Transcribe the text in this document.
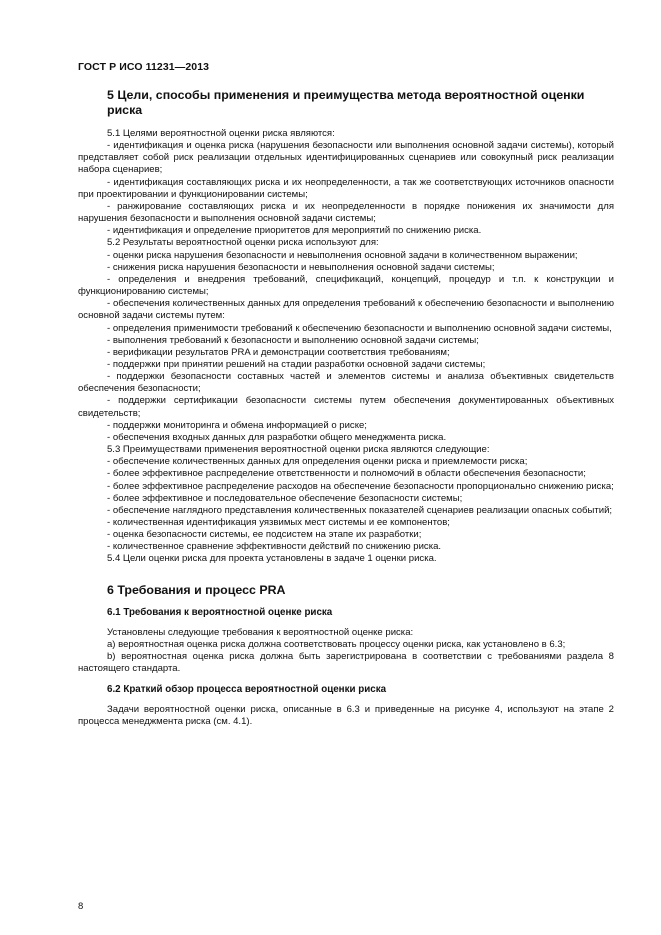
ГОСТ Р ИСО 11231—2013
5 Цели, способы применения и преимущества метода вероятностной оценки риска

5.1 Целями вероятностной оценки риска являются:

- идентификация и оценка риска (нарушения безопасности или выполнения основной задачи системы), который представляет собой риск реализации отдельных идентифицированных сценариев или совокупный риск реализации набора сценариев;

- идентификация составляющих риска и их неопределенности, а так же соответствующих источников опасности при проектировании и функционировании системы;

- ранжирование составляющих риска и их неопределенности в порядке понижения их значимости для нарушения безопасности и выполнения основной задачи системы;

- идентификация и определение приоритетов для мероприятий по снижению риска.

5.2 Результаты вероятностной оценки риска используют для:

- оценки риска нарушения безопасности и невыполнения основной задачи в количественном выражении;

- снижения риска нарушения безопасности и невыполнения основной задачи системы;

- определения и внедрения требований, спецификаций, концепций, процедур и т.п. к конструкции и функционированию системы;

- обеспечения количественных данных для определения требований к обеспечению безопасности и выполнению основной задачи системы путем:

- определения применимости требований к обеспечению безопасности и выполнению основной задачи системы,

- выполнения требований к безопасности и выполнению основной задачи системы;

- верификации результатов PRA и демонстрации соответствия требованиям;

- поддержки при принятии решений на стадии разработки основной задачи системы;

- поддержки безопасности составных частей и элементов системы и анализа объективных свидетельств обеспечения безопасности;

- поддержки сертификации безопасности системы путем обеспечения документированных объективных свидетельств;

- поддержки мониторинга и обмена информацией о риске;

- обеспечения входных данных для разработки общего менеджмента риска.

5.3 Преимуществами применения вероятностной оценки риска являются следующие:

- обеспечение количественных данных для определения оценки риска и приемлемости риска;

- более эффективное распределение ответственности и полномочий в области обеспечения безопасности;

- более эффективное распределение расходов на обеспечение безопасности пропорционально снижению риска;

- более эффективное и последовательное обеспечение безопасности системы;

- обеспечение наглядного представления количественных показателей сценариев реализации опасных событий;

- количественная идентификация уязвимых мест системы и ее компонентов;

- оценка безопасности системы, ее подсистем на этапе их разработки;

- количественное сравнение эффективности действий по снижению риска.

5.4 Цели оценки риска для проекта установлены в задаче 1 оценки риска.

6 Требования и процесс PRA
6.1 Требования к вероятностной оценке риска

Установлены следующие требования к вероятностной оценке риска:

a) вероятностная оценка риска должна соответствовать процессу оценки риска, как установлено в 6.3;

b) вероятностная оценка риска должна быть зарегистрирована в соответствии с требованиями раздела 8 настоящего стандарта.

6.2 Краткий обзор процесса вероятностной оценки риска

Задачи вероятностной оценки риска, описанные в 6.3 и приведенные на рисунке 4, используют на этапе 2 процесса менеджмента риска (см. 4.1).

8
